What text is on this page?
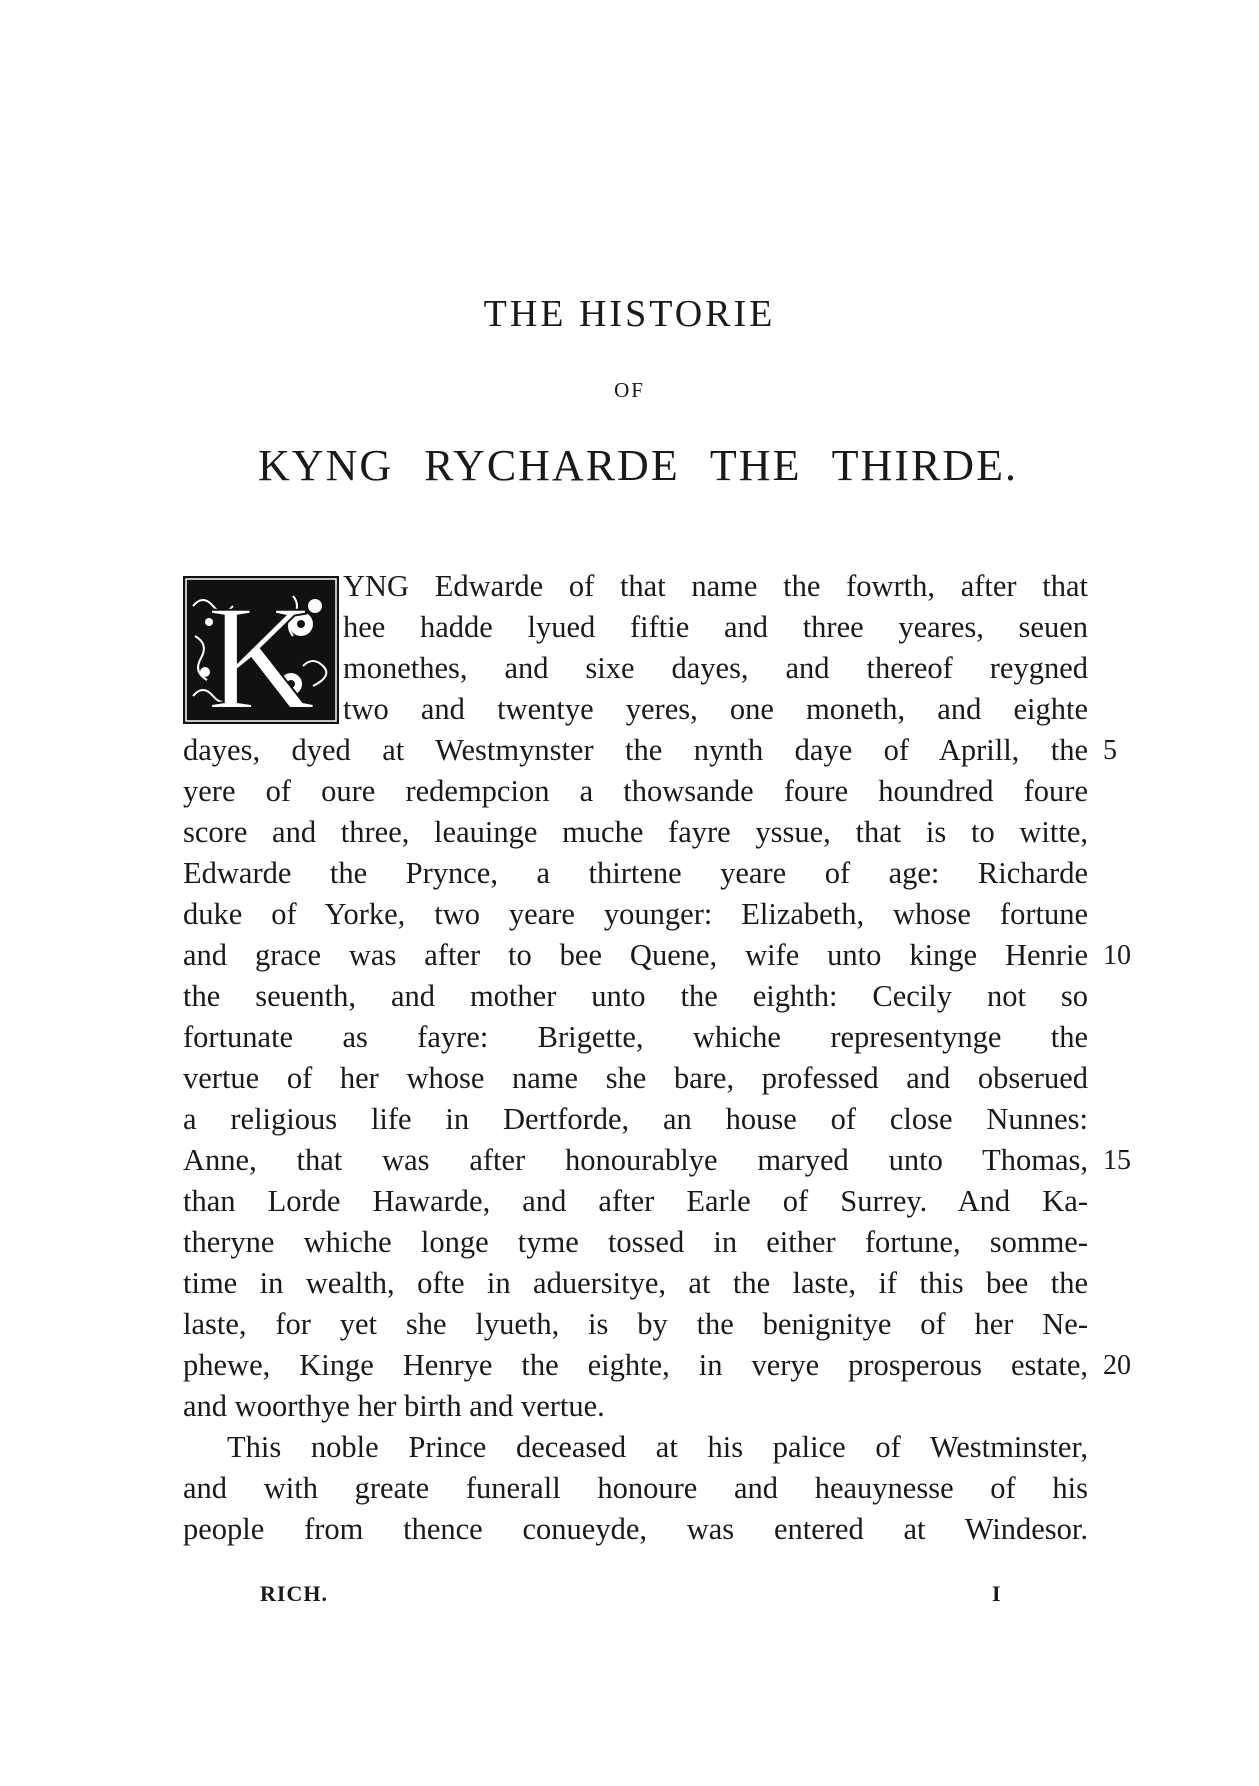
THE HISTORIE
OF
KYNG RYCHARDE THE THIRDE.
K YNG Edwarde of that name the fowrth, after that
hee hadde lyued fiftie and three yeares, seuen
monethes, and sixe dayes, and thereof reygned
two and twentye yeres, one moneth, and eighte
dayes, dyed at Westmynster the nynth daye of Aprill, the 5
yere of oure redempcion a thowsande foure houndred foure
score and three, leauinge muche fayre yssue, that is to witte,
Edwarde the Prynce, a thirtene yeare of age: Richarde
duke of Yorke, two yeare younger: Elizabeth, whose fortune
and grace was after to bee Quene, wife unto kinge Henrie 10
the seuenth, and mother unto the eighth: Cecily not so
fortunate as fayre: Brigette, whiche representynge the
vertue of her whose name she bare, professed and obserued
a religious life in Dertforde, an house of close Nunnes:
Anne, that was after honourablye maryed unto Thomas, 15
than Lorde Hawarde, and after Earle of Surrey. And Ka-
theryne whiche longe tyme tossed in either fortune, somme-
time in wealth, ofte in aduersitye, at the laste, if this bee the
laste, for yet she lyueth, is by the benignitye of her Ne-
phewe, Kinge Henrye the eighte, in verye prosperous estate, 20
and woorthye her birth and vertue.
This noble Prince deceased at his palice of Westminster,
and with greate funerall honoure and heauynesse of his
people from thence conueyde, was entered at Windesor.
RICH.	I
